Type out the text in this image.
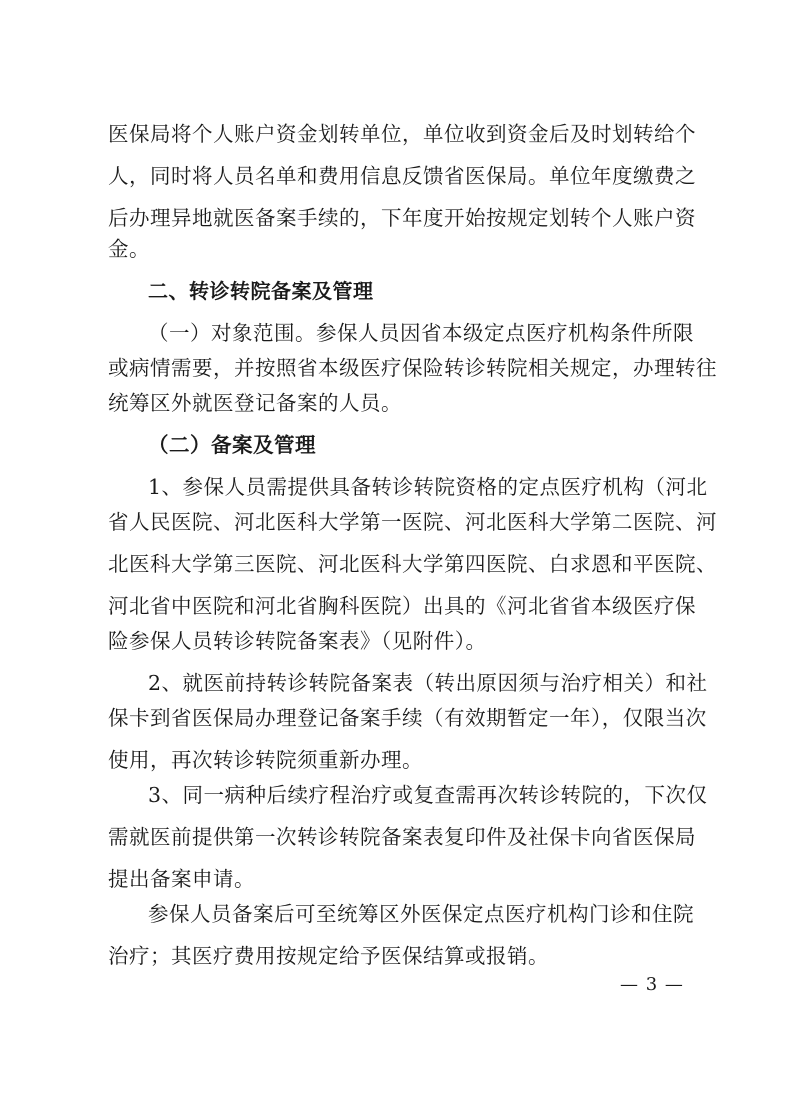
医保局将个人账户资金划转单位，单位收到资金后及时划转给个
人，同时将人员名单和费用信息反馈省医保局。单位年度缴费之
后办理异地就医备案手续的，下年度开始按规定划转个人账户资
金。
二、转诊转院备案及管理
（一）对象范围。参保人员因省本级定点医疗机构条件所限
或病情需要，并按照省本级医疗保险转诊转院相关规定，办理转往
统筹区外就医登记备案的人员。
（二）备案及管理
1、参保人员需提供具备转诊转院资格的定点医疗机构（河北
省人民医院、河北医科大学第一医院、河北医科大学第二医院、河
北医科大学第三医院、河北医科大学第四医院、白求恩和平医院、
河北省中医院和河北省胸科医院）出具的《河北省省本级医疗保
险参保人员转诊转院备案表》（见附件）。
2、就医前持转诊转院备案表（转出原因须与治疗相关）和社
保卡到省医保局办理登记备案手续（有效期暂定一年），仅限当次
使用，再次转诊转院须重新办理。
3、同一病种后续疗程治疗或复查需再次转诊转院的，下次仅
需就医前提供第一次转诊转院备案表复印件及社保卡向省医保局
提出备案申请。
参保人员备案后可至统筹区外医保定点医疗机构门诊和住院
治疗；其医疗费用按规定给予医保结算或报销。
— 3 —
